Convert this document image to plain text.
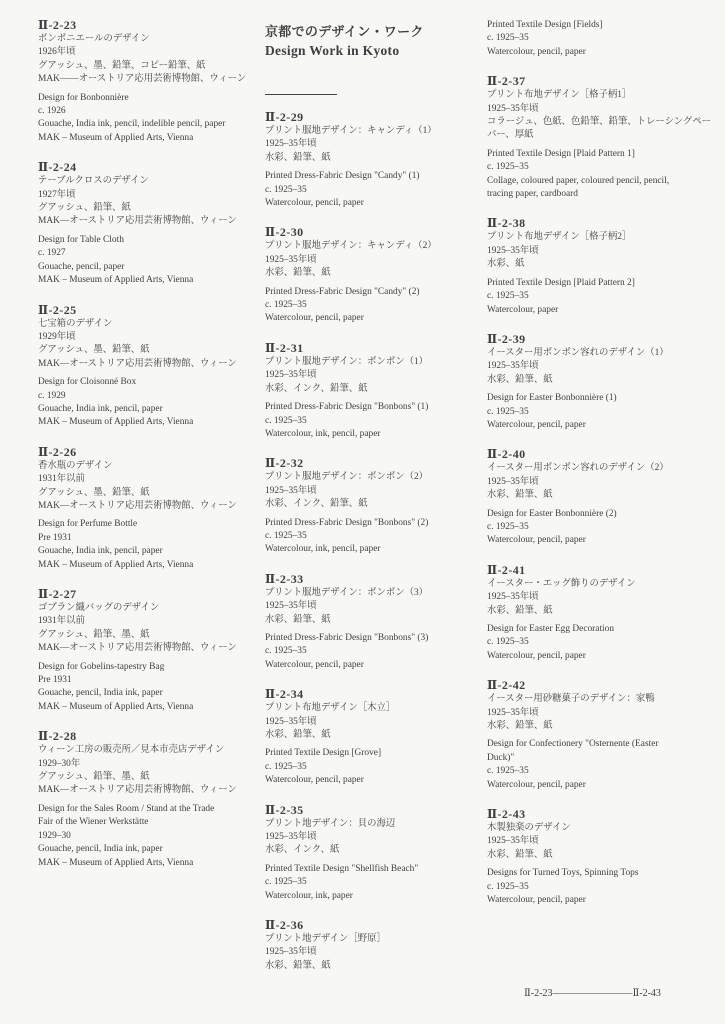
Ⅱ-2-23
ボンボニエールのデザイン
1926年頃
グアッシュ、墨、鉛筆、コピー鉛筆、紙
MAK――オーストリア応用芸術博物館、ウィーン
Design for Bonbonnière
c. 1926
Gouache, India ink, pencil, indelible pencil, paper
MAK – Museum of Applied Arts, Vienna
Ⅱ-2-24
テーブルクロスのデザイン
1927年頃
グアッシュ、鉛筆、紙
MAK―オーストリア応用芸術博物館、ウィーン
Design for Table Cloth
c. 1927
Gouache, pencil, paper
MAK – Museum of Applied Arts, Vienna
Ⅱ-2-25
七宝箱のデザイン
1929年頃
グアッシュ、墨、鉛筆、紙
MAK―オーストリア応用芸術博物館、ウィーン
Design for Cloisonné Box
c. 1929
Gouache, India ink, pencil, paper
MAK – Museum of Applied Arts, Vienna
Ⅱ-2-26
香水瓶のデザイン
1931年以前
グアッシュ、墨、鉛筆、紙
MAK―オーストリア応用芸術博物館、ウィーン
Design for Perfume Bottle
Pre 1931
Gouache, India ink, pencil, paper
MAK – Museum of Applied Arts, Vienna
Ⅱ-2-27
ゴブラン織バッグのデザイン
1931年以前
グアッシュ、鉛筆、墨、紙
MAK―オーストリア応用芸術博物館、ウィーン
Design for Gobelins-tapestry Bag
Pre 1931
Gouache, pencil, India ink, paper
MAK – Museum of Applied Arts, Vienna
Ⅱ-2-28
ウィーン工房の販売所／見本市売店デザイン
1929–30年
グアッシュ、鉛筆、墨、紙
MAK―オーストリア応用芸術博物館、ウィーン
Design for the Sales Room / Stand at the Trade
Fair of the Wiener Werkstätte
1929–30
Gouache, pencil, India ink, paper
MAK – Museum of Applied Arts, Vienna
京都でのデザイン・ワーク
Design Work in Kyoto
Ⅱ-2-29
プリント服地デザイン：キャンディ（1）
1925–35年頃
水彩、鉛筆、紙
Printed Dress-Fabric Design "Candy" (1)
c. 1925–35
Watercolour, pencil, paper
Ⅱ-2-30
プリント服地デザイン：キャンディ（2）
1925–35年頃
水彩、鉛筆、紙
Printed Dress-Fabric Design "Candy" (2)
c. 1925–35
Watercolour, pencil, paper
Ⅱ-2-31
プリント服地デザイン：ボンボン（1）
1925–35年頃
水彩、インク、鉛筆、紙
Printed Dress-Fabric Design "Bonbons" (1)
c. 1925–35
Watercolour, ink, pencil, paper
Ⅱ-2-32
プリント服地デザイン：ボンボン（2）
1925–35年頃
水彩、インク、鉛筆、紙
Printed Dress-Fabric Design "Bonbons" (2)
c. 1925–35
Watercolour, ink, pencil, paper
Ⅱ-2-33
プリント服地デザイン：ボンボン（3）
1925–35年頃
水彩、鉛筆、紙
Printed Dress-Fabric Design "Bonbons" (3)
c. 1925–35
Watercolour, pencil, paper
Ⅱ-2-34
プリント布地デザイン［木立］
1925–35年頃
水彩、鉛筆、紙
Printed Textile Design [Grove]
c. 1925–35
Watercolour, pencil, paper
Ⅱ-2-35
プリント地デザイン：貝の海辺
1925–35年頃
水彩、インク、紙
Printed Textile Design "Shellfish Beach"
c. 1925–35
Watercolour, ink, paper
Ⅱ-2-36
プリント地デザイン［野原］
1925–35年頃
水彩、鉛筆、紙
Printed Textile Design [Fields]
c. 1925–35
Watercolour, pencil, paper
Ⅱ-2-37
プリント布地デザイン［格子柄1］
1925–35年頃
コラージュ、色紙、色鉛筆、鉛筆、トレーシングペー
パー、厚紙
Printed Textile Design [Plaid Pattern 1]
c. 1925–35
Collage, coloured paper, coloured pencil, pencil,
tracing paper, cardboard
Ⅱ-2-38
プリント布地デザイン［格子柄2］
1925–35年頃
水彩、紙
Printed Textile Design [Plaid Pattern 2]
c. 1925–35
Watercolour, paper
Ⅱ-2-39
イースター用ボンボン容れのデザイン（1）
1925–35年頃
水彩、鉛筆、紙
Design for Easter Bonbonnière (1)
c. 1925–35
Watercolour, pencil, paper
Ⅱ-2-40
イースター用ボンボン容れのデザイン（2）
1925–35年頃
水彩、鉛筆、紙
Design for Easter Bonbonnière (2)
c. 1925–35
Watercolour, pencil, paper
Ⅱ-2-41
イースター・エッグ飾りのデザイン
1925–35年頃
水彩、鉛筆、紙
Design for Easter Egg Decoration
c. 1925–35
Watercolour, pencil, paper
Ⅱ-2-42
イースター用砂糖菓子のデザイン：家鴨
1925–35年頃
水彩、鉛筆、紙
Design for Confectionery "Osternente (Easter
Duck)"
c. 1925–35
Watercolour, pencil, paper
Ⅱ-2-43
木製独楽のデザイン
1925–35年頃
水彩、鉛筆、紙
Designs for Turned Toys, Spinning Tops
c. 1925–35
Watercolour, pencil, paper
Ⅱ-2-23————————Ⅱ-2-43
